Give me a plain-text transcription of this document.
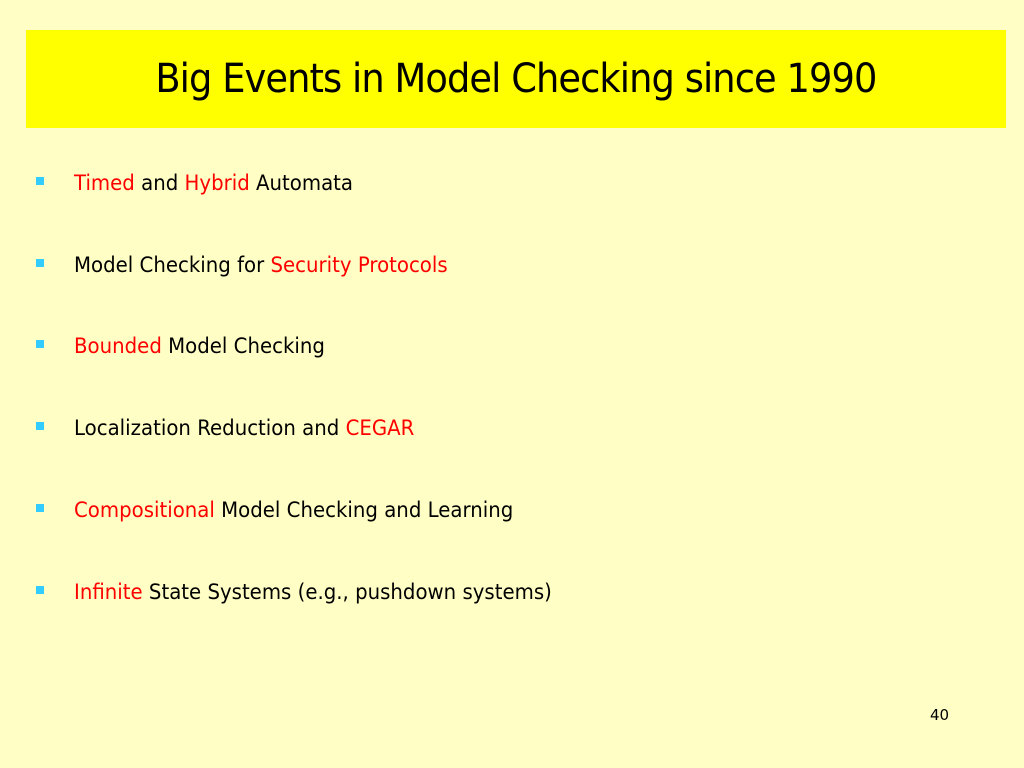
Big Events in Model Checking since 1990
Timed and Hybrid Automata
Model Checking for Security Protocols
Bounded Model Checking
Localization Reduction and CEGAR
Compositional Model Checking and Learning
Infinite State Systems (e.g., pushdown systems)
40
